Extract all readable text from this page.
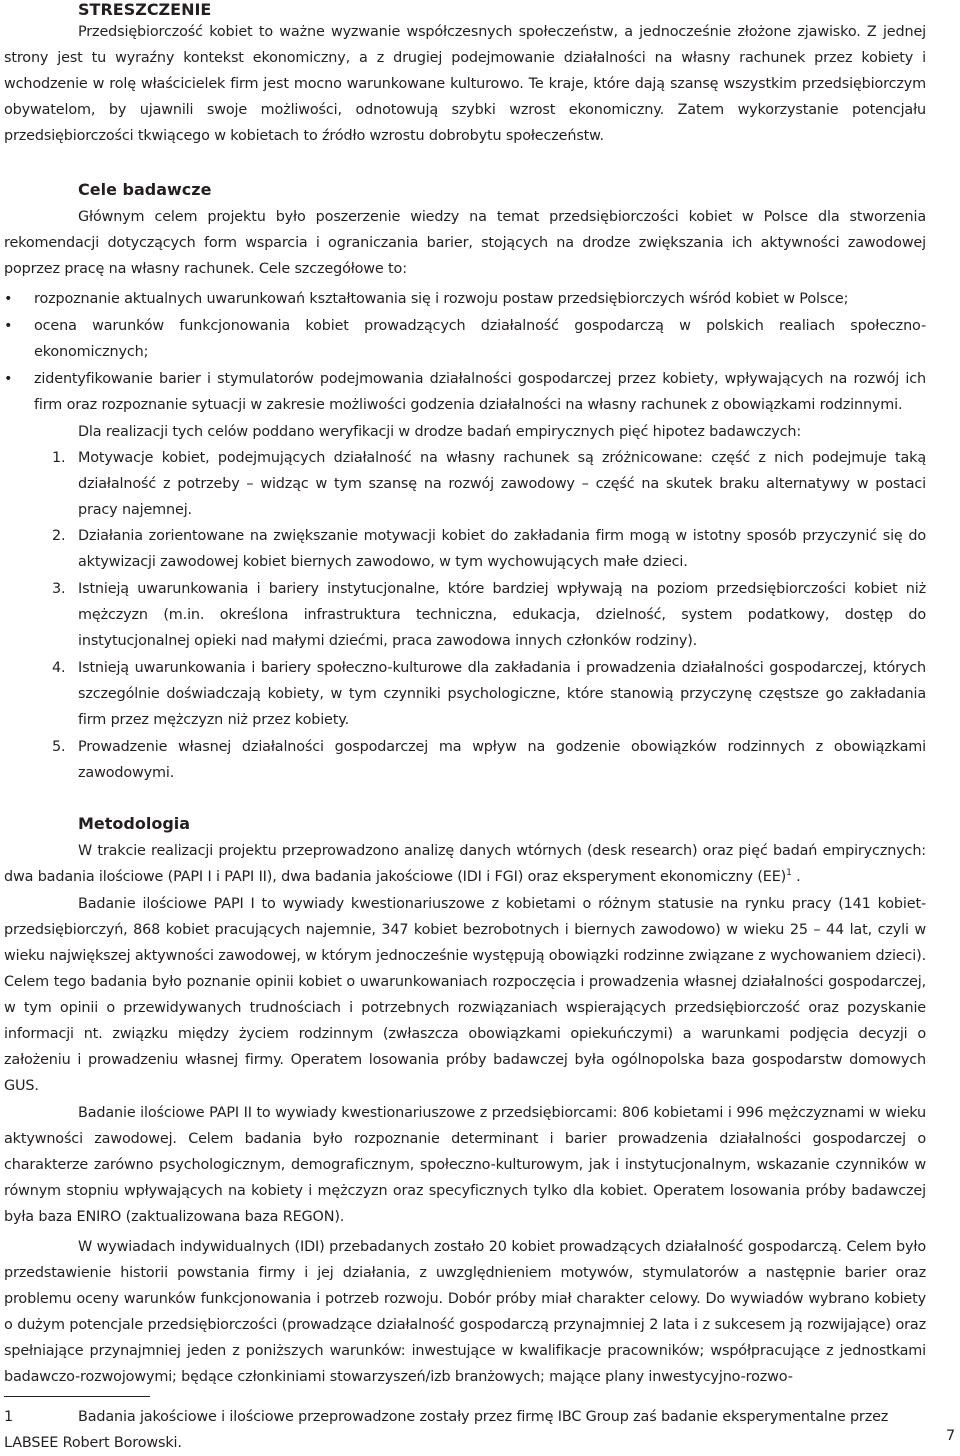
STRESZCZENIE

Przedsiębiorczość kobiet to ważne wyzwanie współczesnych społeczeństw, a jednocześnie złożone zjawisko. Z jednej strony jest tu wyraźny kontekst ekonomiczny, a z drugiej podejmowanie działalności na własny rachunek przez kobiety i wchodzenie w rolę właścicielek firm jest mocno warunkowane kulturowo. Te kraje, które dają szansę wszystkim przedsiębiorczym obywatelom, by ujawnili swoje możliwości, odnotowują szybki wzrost ekonomiczny. Zatem wykorzystanie potencjału przedsiębiorczości tkwiącego w kobietach to źródło wzrostu dobrobytu społeczeństw.

Cele badawcze

Głównym celem projektu było poszerzenie wiedzy na temat przedsiębiorczości kobiet w Polsce dla stworzenia rekomendacji dotyczących form wsparcia i ograniczania barier, stojących na drodze zwiększania ich aktywności zawodowej poprzez pracę na własny rachunek. Cele szczegółowe to:

• rozpoznanie aktualnych uwarunkowań kształtowania się i rozwoju postaw przedsiębiorczych wśród kobiet w Polsce;
• ocena warunków funkcjonowania kobiet prowadzących działalność gospodarczą w polskich realiach społeczno-ekonomicznych;
• zidentyfikowanie barier i stymulatorów podejmowania działalności gospodarczej przez kobiety, wpływających na rozwój ich firm oraz rozpoznanie sytuacji w zakresie możliwości godzenia działalności na własny rachunek z obowiązkami rodzinnymi.

Dla realizacji tych celów poddano weryfikacji w drodze badań empirycznych pięć hipotez badawczych:

1. Motywacje kobiet, podejmujących działalność na własny rachunek są zróżnicowane: część z nich podejmuje taką działalność z potrzeby – widząc w tym szansę na rozwój zawodowy – część na skutek braku alternatywy w postaci pracy najemnej.
2. Działania zorientowane na zwiększanie motywacji kobiet do zakładania firm mogą w istotny sposób przyczynić się do aktywizacji zawodowej kobiet biernych zawodowo, w tym wychowujących małe dzieci.
3. Istnieją uwarunkowania i bariery instytucjonalne, które bardziej wpływają na poziom przedsiębiorczości kobiet niż mężczyzn (m.in. określona infrastruktura techniczna, edukacja, dzielność, system podatkowy, dostęp do instytucjonalnej opieki nad małymi dziećmi, praca zawodowa innych członków rodziny).
4. Istnieją uwarunkowania i bariery społeczno-kulturowe dla zakładania i prowadzenia działalności gospodarczej, których szczególnie doświadczają kobiety, w tym czynniki psychologiczne, które stanowią przyczynę częstsze go zakładania firm przez mężczyzn niż przez kobiety.
5. Prowadzenie własnej działalności gospodarczej ma wpływ na godzenie obowiązków rodzinnych z obowiązkami zawodowymi.
Metodologia

W trakcie realizacji projektu przeprowadzono analizę danych wtórnych (desk research) oraz pięć badań empirycznych: dwa badania ilościowe (PAPI I i PAPI II), dwa badania jakościowe (IDI i FGI) oraz eksperyment ekonomiczny (EE)$^1$ .

Badanie ilościowe PAPI I to wywiady kwestionariuszowe z kobietami o różnym statusie na rynku pracy (141 kobiet-przedsiębiorczyń, 868 kobiet pracujących najemnie, 347 kobiet bezrobotnych i biernych zawodowo) w wieku 25 – 44 lat, czyli w wieku największej aktywności zawodowej, w którym jednocześnie występują obowiązki rodzinne związane z wychowaniem dzieci). Celem tego badania było poznanie opinii kobiet o uwarunkowaniach rozpoczęcia i prowadzenia własnej działalności gospodarczej, w tym opinii o przewidywanych trudnościach i potrzebnych rozwiązaniach wspierających przedsiębiorczość oraz pozyskanie informacji nt. związku między życiem rodzinnym (zwłaszcza obowiązkami opiekuńczymi) a warunkami podjęcia decyzji o założeniu i prowadzeniu własnej firmy. Operatem losowania próby badawczej była ogólnopolska baza gospodarstw domowych GUS.

Badanie ilościowe PAPI II to wywiady kwestionariuszowe z przedsiębiorcami: 806 kobietami i 996 mężczyznami w wieku aktywności zawodowej. Celem badania było rozpoznanie determinant i barier prowadzenia działalności gospodarczej o charakterze zarówno psychologicznym, demograficznym, społeczno-kulturowym, jak i instytucjonalnym, wskazanie czynników w równym stopniu wpływających na kobiety i mężczyzn oraz specyficznych tylko dla kobiet. Operatem losowania próby badawczej była baza ENIRO (zaktualizowana baza REGON).

W wywiadach indywidualnych (IDI) przebadanych zostało 20 kobiet prowadzących działalność gospodarczą. Celem było przedstawienie historii powstania firmy i jej działania, z uwzględnieniem motywów, stymulatorów a następnie barier oraz problemu oceny warunków funkcjonowania i potrzeb rozwoju. Dobór próby miał charakter celowy. Do wywiadów wybrano kobiety o dużym potencjale przedsiębiorczości (prowadzące działalność gospodarczą przynajmniej 2 lata i z sukcesem ją rozwijające) oraz spełniające przynajmniej jeden z poniższych warunków: inwestujące w kwalifikacje pracowników; współpracujące z jednostkami badawczo-rozwojowymi; będące członkiniami stowarzyszeń/izb branżowych; mające plany inwestycyjno-rozwo-

1	Badania jakościowe i ilościowe przeprowadzone zostały przez firmę IBC Group zaś badanie eksperymentalne przez LABSEE Robert Borowski.	7
